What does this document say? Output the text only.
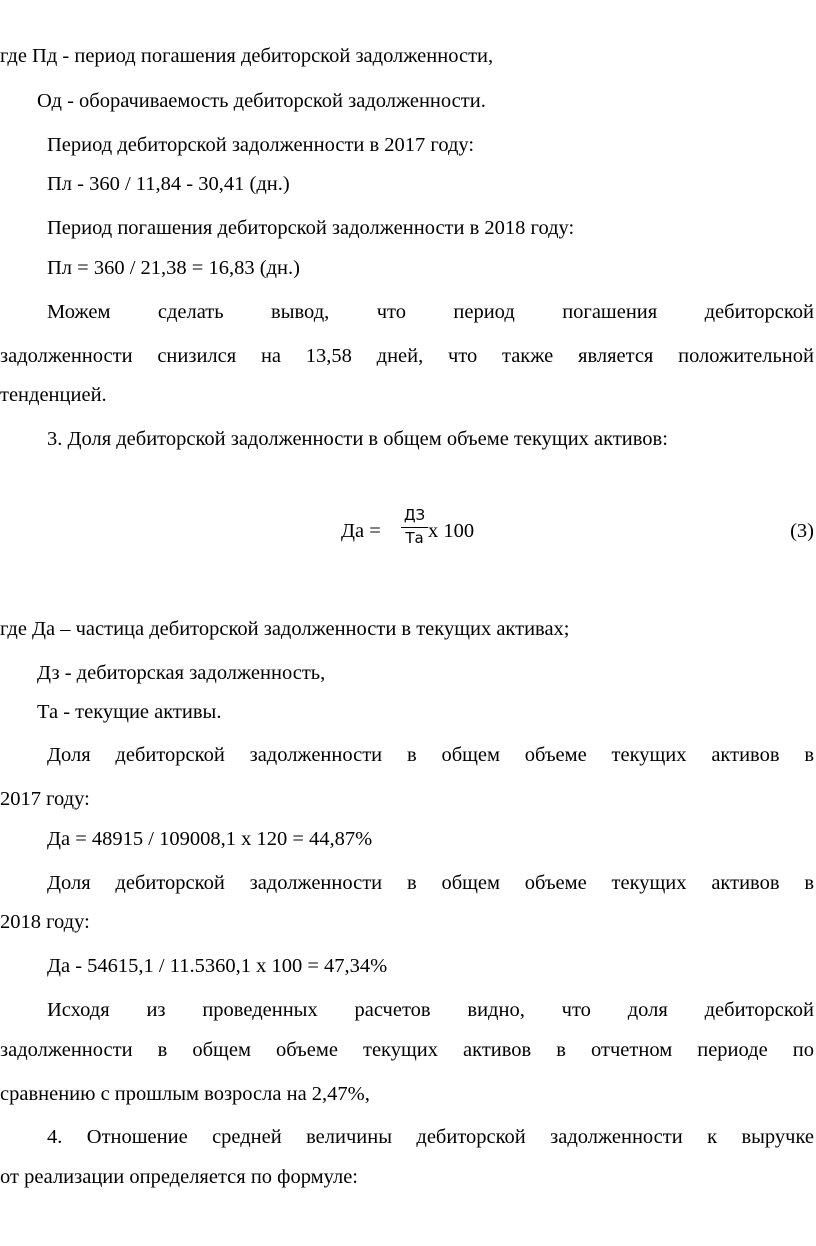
где Пд - период погашения дебиторской задолженности,
Од - оборачиваемость дебиторской задолженности.
Период дебиторской задолженности в 2017 году:
Пл - 360 / 11,84 - 30,41 (дн.)
Период погашения дебиторской задолженности в 2018 году:
Пл = 360 / 21,38 = 16,83 (дн.)
Можем сделать вывод, что период погашения дебиторской
задолженности снизился на 13,58 дней, что также является положительной
тенденцией.
3. Доля дебиторской задолженности в общем объеме текущих активов:
Да =
ДЗ
Та х 100	(3)
где Да – частица дебиторской задолженности в текущих активах;
Дз - дебиторская задолженность,
Та - текущие активы.
Доля дебиторской задолженности в общем объеме текущих активов в
2017 году:
Да = 48915 / 109008,1 х 120 = 44,87%
Доля дебиторской задолженности в общем объеме текущих активов в
2018 году:
Да - 54615,1 / 11.5360,1 х 100 = 47,34%
Исходя из проведенных расчетов видно, что доля дебиторской
задолженности в общем объеме текущих активов в отчетном периоде по
сравнению с прошлым возросла на 2,47%,
4. Отношение средней величины дебиторской задолженности к выручке
от реализации определяется по формуле:
